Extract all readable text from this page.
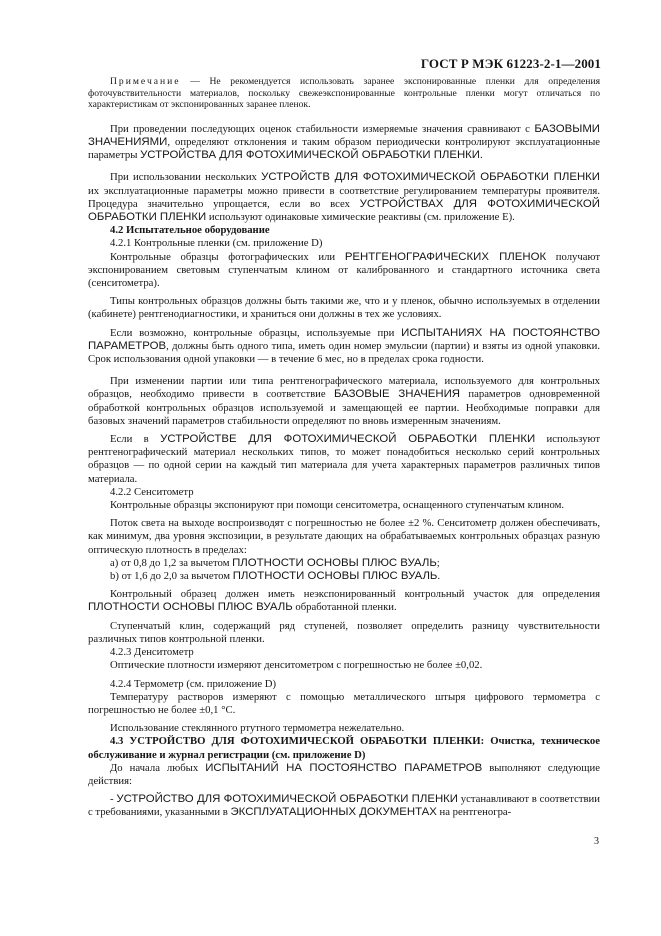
ГОСТ Р МЭК 61223-2-1—2001

Примечание — Не рекомендуется использовать заранее экспонированные пленки для определения фоточувствительности материалов, поскольку свежеэкспонированные контрольные пленки могут отличаться по характеристикам от экспонированных заранее пленок.

При проведении последующих оценок стабильности измеряемые значения сравнивают с БАЗОВЫМИ ЗНАЧЕНИЯМИ, определяют отклонения и таким образом периодически контролируют эксплуатационные параметры УСТРОЙСТВА ДЛЯ ФОТОХИМИЧЕСКОЙ ОБРАБОТКИ ПЛЕНКИ.

При использовании нескольких УСТРОЙСТВ ДЛЯ ФОТОХИМИЧЕСКОЙ ОБРАБОТКИ ПЛЕНКИ их эксплуатационные параметры можно привести в соответствие регулированием температуры проявителя. Процедура значительно упрощается, если во всех УСТРОЙСТВАХ ДЛЯ ФОТОХИМИЧЕСКОЙ ОБРАБОТКИ ПЛЕНКИ используют одинаковые химические реактивы (см. приложение E).

4.2 Испытательное оборудование

4.2.1 Контрольные пленки (см. приложение D)

Контрольные образцы фотографических или РЕНТГЕНОГРАФИЧЕСКИХ ПЛЕНОК получают экспонированием световым ступенчатым клином от калиброванного и стандартного источника света (сенситометра).

Типы контрольных образцов должны быть такими же, что и у пленок, обычно используемых в отделении (кабинете) рентгенодиагностики, и храниться они должны в тех же условиях.

Если возможно, контрольные образцы, используемые при ИСПЫТАНИЯХ НА ПОСТОЯНСТВО ПАРАМЕТРОВ, должны быть одного типа, иметь один номер эмульсии (партии) и взяты из одной упаковки. Срок использования одной упаковки — в течение 6 мес, но в пределах срока годности.

При изменении партии или типа рентгенографического материала, используемого для контрольных образцов, необходимо привести в соответствие БАЗОВЫЕ ЗНАЧЕНИЯ параметров одновременной обработкой контрольных образцов используемой и замещающей ее партии. Необходимые поправки для базовых значений параметров стабильности определяют по вновь измеренным значениям.

Если в УСТРОЙСТВЕ ДЛЯ ФОТОХИМИЧЕСКОЙ ОБРАБОТКИ ПЛЕНКИ используют рентгенографический материал нескольких типов, то может понадобиться несколько серий контрольных образцов — по одной серии на каждый тип материала для учета характерных параметров различных типов материала.

4.2.2 Сенситометр

Контрольные образцы экспонируют при помощи сенситометра, оснащенного ступенчатым клином.

Поток света на выходе воспроизводят с погрешностью не более ±2 %. Сенситометр должен обеспечивать, как минимум, два уровня экспозиции, в результате дающих на обрабатываемых контрольных образцах разную оптическую плотность в пределах:

a) от 0,8 до 1,2 за вычетом ПЛОТНОСТИ ОСНОВЫ ПЛЮС ВУАЛЬ;

b) от 1,6 до 2,0 за вычетом ПЛОТНОСТИ ОСНОВЫ ПЛЮС ВУАЛЬ.

Контрольный образец должен иметь неэкспонированный контрольный участок для определения ПЛОТНОСТИ ОСНОВЫ ПЛЮС ВУАЛЬ обработанной пленки.

Ступенчатый клин, содержащий ряд ступеней, позволяет определить разницу чувствительности различных типов контрольной пленки.

4.2.3 Денситометр

Оптические плотности измеряют денситометром с погрешностью не более ±0,02.

4.2.4 Термометр (см. приложение D)

Температуру растворов измеряют с помощью металлического штыря цифрового термометра с погрешностью не более ±0,1 °С.

Использование стеклянного ртутного термометра нежелательно.

4.3 УСТРОЙСТВО ДЛЯ ФОТОХИМИЧЕСКОЙ ОБРАБОТКИ ПЛЕНКИ: Очистка, техническое обслуживание и журнал регистрации (см. приложение D)

До начала любых ИСПЫТАНИЙ НА ПОСТОЯНСТВО ПАРАМЕТРОВ выполняют следующие действия:

- УСТРОЙСТВО ДЛЯ ФОТОХИМИЧЕСКОЙ ОБРАБОТКИ ПЛЕНКИ устанавливают в соответствии с требованиями, указанными в ЭКСПЛУАТАЦИОННЫХ ДОКУМЕНТАХ на рентгеногра-

3
